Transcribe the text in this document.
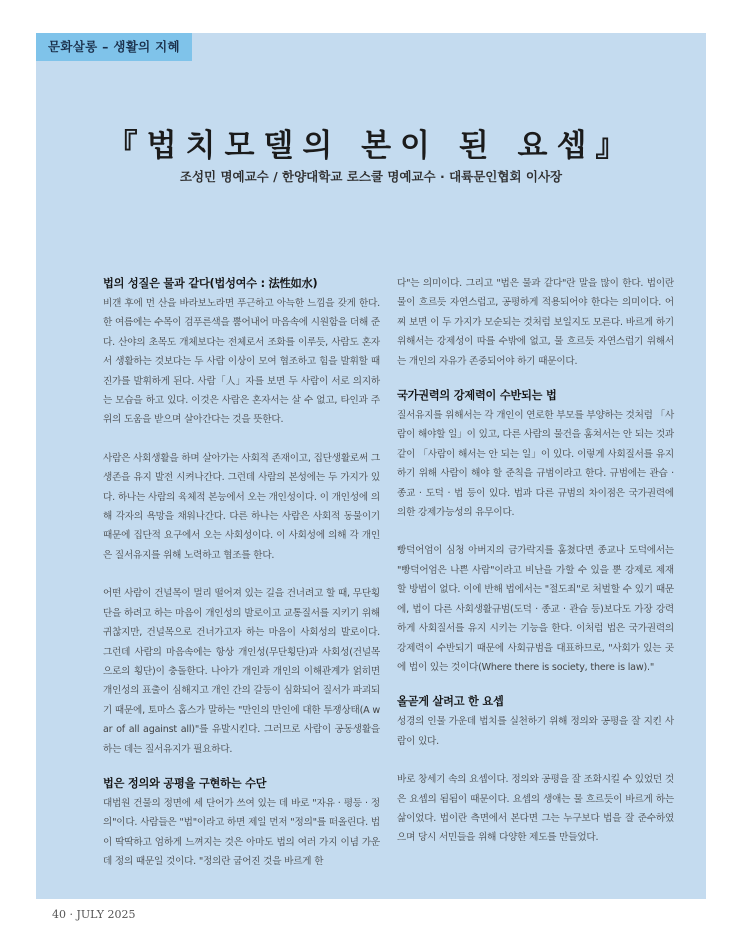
문화살롱 – 생활의 지혜
『법치모델의 본이 된 요셉』
조성민 명예교수 / 한양대학교 로스쿨 명예교수 · 대륙문인협회 이사장
법의 성질은 물과 같다(법성여수 : 法性如水)

비갠 후에 먼 산을 바라보노라면 푸근하고 아늑한 느낌을 갖게 한다. 한 여름에는 수목이 검푸른색을 뿜어내어 마음속에 시원함을 더해 준다. 산야의 초목도 개체보다는 전체로서 조화를 이루듯, 사람도 혼자서 생활하는 것보다는 두 사람 이상이 모여 협조하고 힘을 발휘할 때 진가를 발휘하게 된다. 사람「人」자를 보면 두 사람이 서로 의지하는 모습을 하고 있다. 이것은 사람은 혼자서는 살 수 없고, 타인과 주위의 도움을 받으며 살아간다는 것을 뜻한다.

사람은 사회생활을 하며 살아가는 사회적 존재이고, 집단생활로써 그 생존을 유지 발전 시켜나간다. 그런데 사람의 본성에는 두 가지가 있다. 하나는 사람의 육체적 본능에서 오는 개인성이다. 이 개인성에 의해 각자의 욕망을 채워나간다. 다른 하나는 사람은 사회적 동물이기 때문에 집단적 요구에서 오는 사회성이다. 이 사회성에 의해 각 개인은 질서유지를 위해 노력하고 협조를 한다.

어떤 사람이 건널목이 멀리 떨어져 있는 길을 건너려고 할 때, 무단횡단을 하려고 하는 마음이 개인성의 발로이고 교통질서를 지키기 위해 귀찮지만, 건널목으로 건너가고자 하는 마음이 사회성의 발로이다. 그런데 사람의 마음속에는 항상 개인성(무단횡단)과 사회성(건널목으로의 횡단)이 충돌한다. 나아가 개인과 개인의 이해관계가 얽히면 개인성의 표출이 심해지고 개인 간의 갈등이 심화되어 질서가 파괴되기 때문에, 토마스 홉스가 말하는 "만인의 만인에 대한 투쟁상태(A war of all against all)"를 유발시킨다. 그러므로 사람이 공동생활을 하는 데는 질서유지가 필요하다.

법은 정의와 공평을 구현하는 수단

대법원 건물의 정면에 세 단어가 쓰여 있는 데 바로 "자유 · 평등 · 정의"이다. 사람들은 "법"이라고 하면 제일 먼저 "정의"를 떠올린다. 법이 딱딱하고 엄하게 느껴지는 것은 아마도 법의 여러 가지 이념 가운데 정의 때문일 것이다. "정의란 굽어진 것을 바르게 한

다"는 의미이다. 그리고 "법은 물과 같다"란 말을 많이 한다. 법이란 물이 흐르듯 자연스럽고, 공평하게 적용되어야 한다는 의미이다. 어찌 보면 이 두 가지가 모순되는 것처럼 보일지도 모른다. 바르게 하기 위해서는 강제성이 따를 수밖에 없고, 물 흐르듯 자연스럽기 위해서는 개인의 자유가 존중되어야 하기 때문이다.

국가권력의 강제력이 수반되는 법

질서유지를 위해서는 각 개인이 연로한 부모를 부양하는 것처럼 「사람이 해야할 일」이 있고, 다른 사람의 물건을 훔쳐서는 안 되는 것과 같이 「사람이 해서는 안 되는 일」이 있다. 이렇게 사회질서를 유지하기 위해 사람이 해야 할 준칙을 규범이라고 한다. 규범에는 관습 · 종교 · 도덕 · 법 등이 있다. 법과 다른 규범의 차이점은 국가권력에 의한 강제가능성의 유무이다.

빵덕어엄이 심청 아버지의 금가락지를 훔쳤다면 종교나 도덕에서는 "빵덕어엄은 나쁜 사람"이라고 비난을 가할 수 있을 뿐 강제로 제재할 방법이 없다. 이에 반해 법에서는 "절도죄"로 처벌할 수 있기 때문에, 법이 다른 사회생활규범(도덕 · 종교 · 관습 등)보다도 가장 강력하게 사회질서를 유지 시키는 기능을 한다. 이처럼 법은 국가권력의 강제력이 수반되기 때문에 사회규범을 대표하므로, "사회가 있는 곳에 법이 있는 것이다(Where there is society, there is law)."

올곧게 살려고 한 요셉

성경의 인물 가운데 법치를 실천하기 위해 정의와 공평을 잘 지킨 사람이 있다.

바로 창세기 속의 요셉이다. 정의와 공평을 잘 조화시킬 수 있었던 것은 요셉의 됨됨이 때문이다. 요셉의 생애는 물 흐르듯이 바르게 하는 삶이었다. 법이란 측면에서 본다면 그는 누구보다 법을 잘 준수하였으며 당시 서민들을 위해 다양한 제도를 만들었다.

40 · JULY 2025
